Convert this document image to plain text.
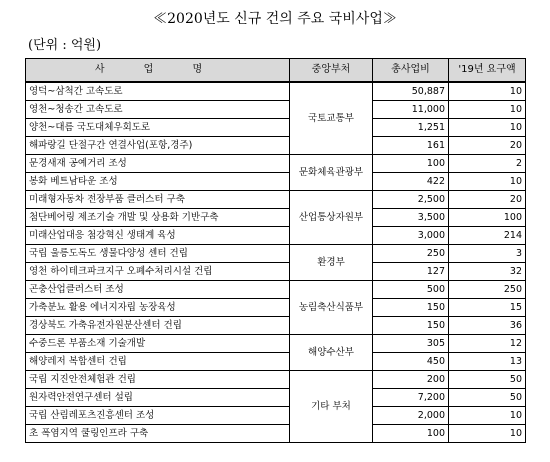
≪2020년도 신규 건의 주요 국비사업≫
(단위 : 억원)
사 업 명	중앙부처	총사업비	'19년 요구액
영덕~삼척간 고속도로	국토교통부	50,887	10
영천~청송간 고속도로		11,000	10
양천~대름 국도대체우회도로		1,251	10
해파랑길 단절구간 연결사업(포항,경주)		161	20
문경새재 공예거리 조성	문화체육관광부	100	2
봉화 베트남타운 조성		422	10
미래형자동차 전장부품 클러스터 구축	산업통상자원부	2,500	20
첨단베어링 제조기술 개발 및 상용화 기반구축		3,500	100
미래산업대응 첨강혁신 생태계 육성		3,000	214
국립 울릉도독도 생물다양성 센터 건립	환경부	250	3
영천 하이테크파크지구 오폐수처리시설 건립		127	32
곤충산업클러스터 조성	농림축산식품부	500	250
가축분뇨 활용 에너지자립 농장육성		150	15
경상북도 가축유전자원분산센터 건립		150	36
수중드론 부품소재 기술개발	해양수산부	305	12
해양레저 복합센터 건립		450	13
국립 지진안전체험관 건립	기타 부처	200	50
원자력안전연구센터 설립		7,200	50
국립 산림레포츠진흥센터 조성		2,000	10
초 폭염지역 쿨링인프라 구축		100	10
